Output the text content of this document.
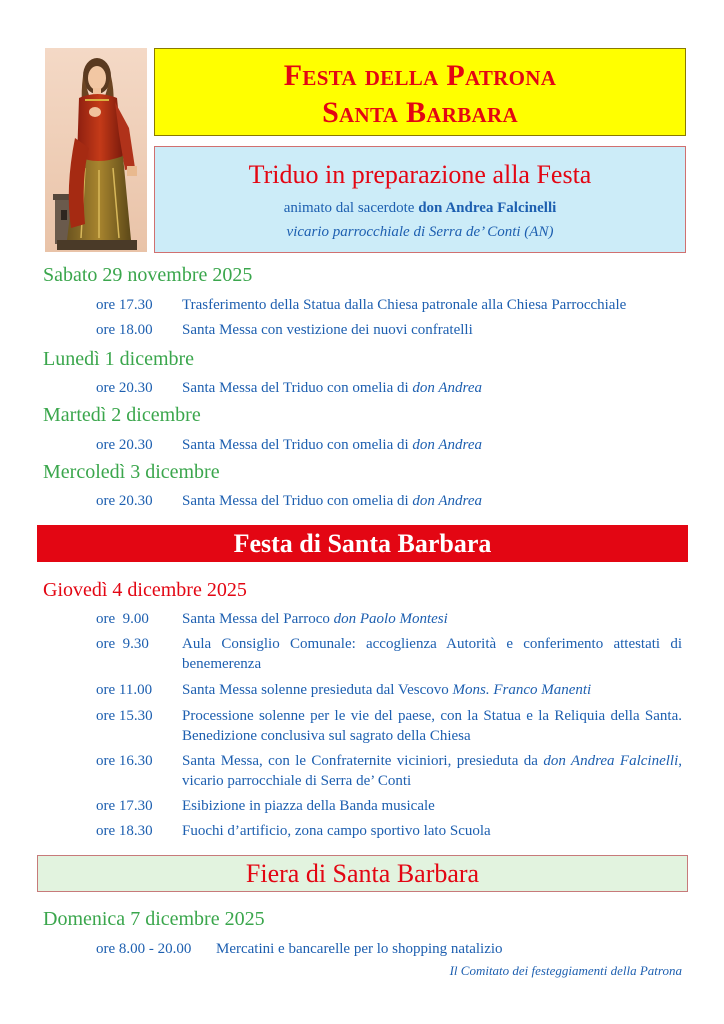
Festa della Patrona
Santa Barbara
Triduo in preparazione alla Festa
animato dal sacerdote don Andrea Falcinelli
vicario parrocchiale di Serra de’ Conti (AN)
Sabato 29 novembre 2025
ore 17.30 Trasferimento della Statua dalla Chiesa patronale alla Chiesa Parrocchiale
ore 18.00 Santa Messa con vestizione dei nuovi confratelli
Lunedì 1 dicembre
ore 20.30 Santa Messa del Triduo con omelia di don Andrea
Martedì 2 dicembre
ore 20.30 Santa Messa del Triduo con omelia di don Andrea
Mercoledì 3 dicembre
ore 20.30 Santa Messa del Triduo con omelia di don Andrea
Festa di Santa Barbara
Giovedì 4 dicembre 2025
ore  9.00 Santa Messa del Parroco don Paolo Montesi
ore  9.30 Aula Consiglio Comunale: accoglienza Autorità e conferimento attestati di benemerenza
ore 11.00 Santa Messa solenne presieduta dal Vescovo Mons. Franco Manenti
ore 15.30 Processione solenne per le vie del paese, con la Statua e la Reliquia della Santa. Benedizione conclusiva sul sagrato della Chiesa
ore 16.30 Santa Messa, con le Confraternite viciniori, presieduta da don Andrea Falcinelli, vicario parrocchiale di Serra de’ Conti
ore 17.30 Esibizione in piazza della Banda musicale
ore 18.30 Fuochi d’artificio, zona campo sportivo lato Scuola
Fiera di Santa Barbara
Domenica 7 dicembre 2025
ore 8.00 - 20.00 Mercatini e bancarelle per lo shopping natalizio
Il Comitato dei festeggiamenti della Patrona
